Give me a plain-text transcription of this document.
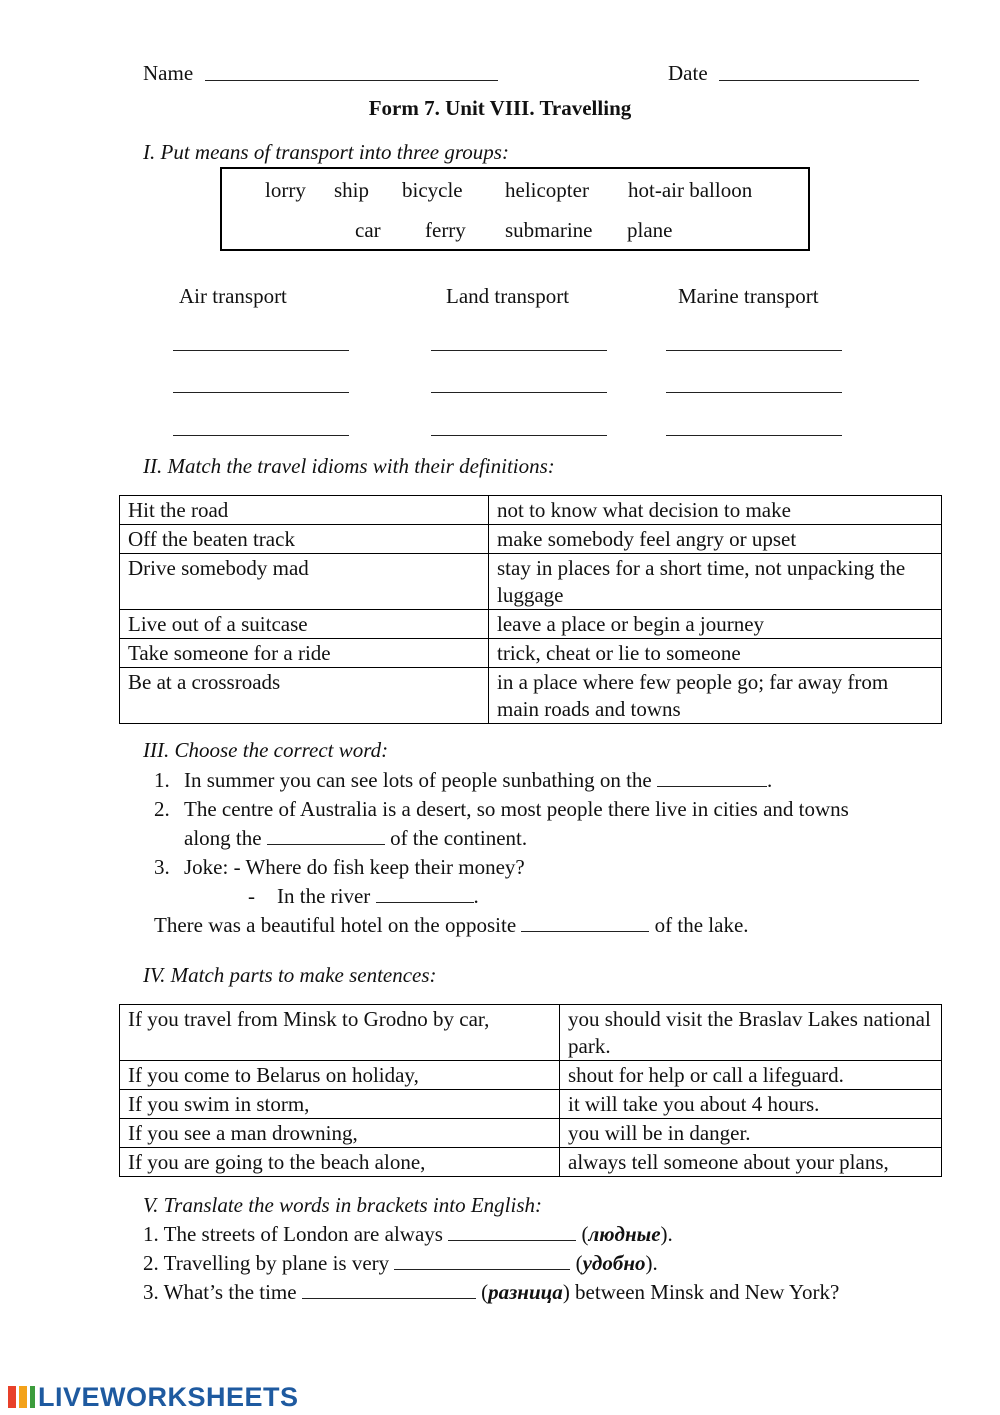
Name	Date
Form 7. Unit VIII. Travelling
I. Put means of transport into three groups:
lorry ship bicycle helicopter hot-air balloon
car ferry submarine plane
Air transport	Land transport	Marine transport
II. Match the travel idioms with their definitions:
Hit the road	not to know what decision to make
Off the beaten track	make somebody feel angry or upset
Drive somebody mad	stay in places for a short time, not unpacking the luggage
Live out of a suitcase	leave a place or begin a journey
Take someone for a ride	trick, cheat or lie to someone
Be at a crossroads	in a place where few people go; far away from main roads and towns
III. Choose the correct word:
1. In summer you can see lots of people sunbathing on the	.
2. The centre of Australia is a desert, so most people there live in cities and towns
along the	of the continent.
3. Joke: - Where do fish keep their money?
- In the river	.
There was a beautiful hotel on the opposite	of the lake.
IV. Match parts to make sentences:
If you travel from Minsk to Grodno by car,	you should visit the Braslav Lakes national park.
If you come to Belarus on holiday,	shout for help or call a lifeguard.
If you swim in storm,	it will take you about 4 hours.
If you see a man drowning,	you will be in danger.
If you are going to the beach alone,	always tell someone about your plans,
V. Translate the words in brackets into English:
1. The streets of London are always	(людные).
2. Travelling by plane is very	(удобно).
3. What’s the time	(разница) between Minsk and New York?
LIVEWORKSHEETS
